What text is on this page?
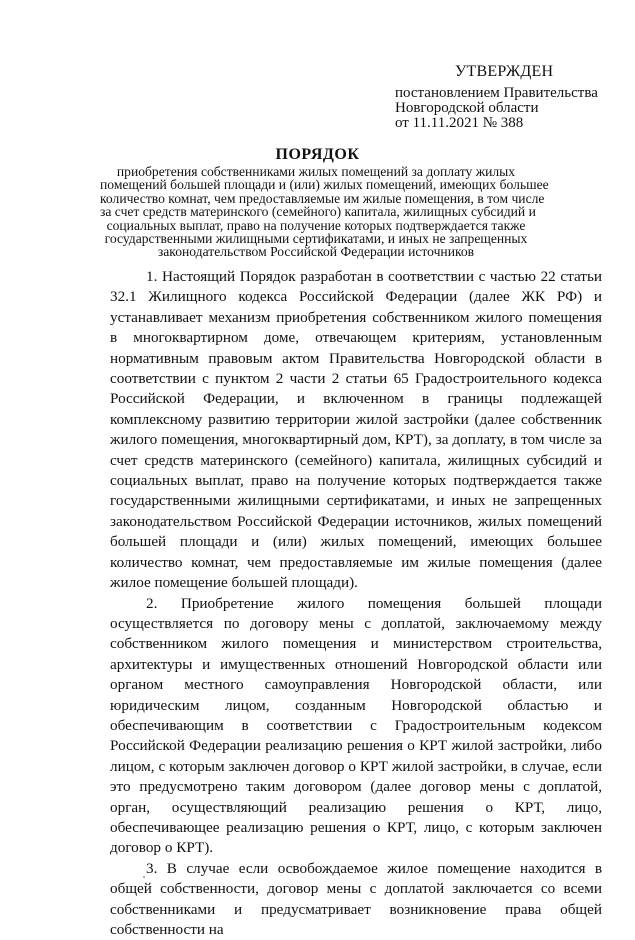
УТВЕРЖДЕН
постановлением Правительства
Новгородской области
от 11.11.2021 № 388
ПОРЯДОК
приобретения собственниками жилых помещений за доплату жилых
помещений большей площади и (или) жилых помещений, имеющих большее
количество комнат, чем предоставляемые им жилые помещения, в том числе
за счет средств материнского (семейного) капитала, жилищных субсидий и
социальных выплат, право на получение которых подтверждается также
государственными жилищными сертификатами, и иных не запрещенных
законодательством Российской Федерации источников

1. Настоящий Порядок разработан в соответствии с частью 22 статьи 32.1 Жилищного кодекса Российской Федерации (далее ЖК РФ) и устанавливает механизм приобретения собственником жилого помещения в многоквартирном доме, отвечающем критериям, установленным нормативным правовым актом Правительства Новгородской области в соответствии с пунктом 2 части 2 статьи 65 Градостроительного кодекса Российской Федерации, и включенном в границы подлежащей комплексному развитию территории жилой застройки (далее собственник жилого помещения, многоквартирный дом, КРТ), за доплату, в том числе за счет средств материнского (семейного) капитала, жилищных субсидий и социальных выплат, право на получение которых подтверждается также государственными жилищными сертификатами, и иных не запрещенных законодательством Российской Федерации источников, жилых помещений большей площади и (или) жилых помещений, имеющих большее количество комнат, чем предоставляемые им жилые помещения (далее жилое помещение большей площади).

2. Приобретение жилого помещения большей площади осуществляется по договору мены с доплатой, заключаемому между собственником жилого помещения и министерством строительства, архитектуры и имущественных отношений Новгородской области или органом местного самоуправления Новгородской области, или юридическим лицом, созданным Новгородской областью и обеспечивающим в соответствии с Градостроительным кодексом Российской Федерации реализацию решения о КРТ жилой застройки, либо лицом, с которым заключен договор о КРТ жилой застройки, в случае, если это предусмотрено таким договором (далее договор мены с доплатой, орган, осуществляющий реализацию решения о КРТ, лицо, обеспечивающее реализацию решения о КРТ, лицо, с которым заключен договор о КРТ).

3. В случае если освобождаемое жилое помещение находится в общей собственности, договор мены с доплатой заключается со всеми собственниками и предусматривает возникновение права общей собственности на
